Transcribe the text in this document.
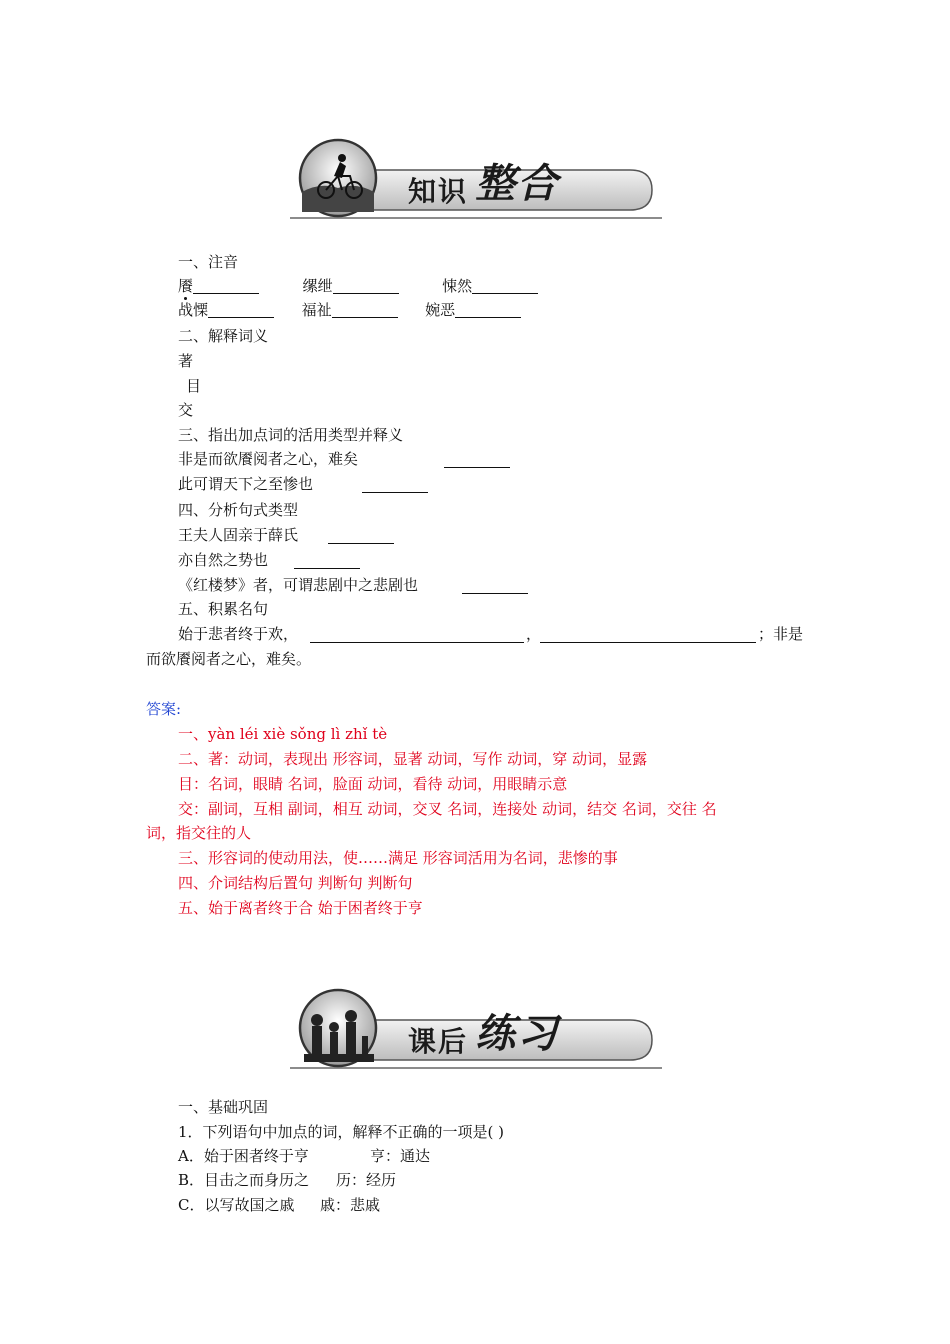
知识 整合
一、注音
餍	缧绁	悚然
战慄	福祉	婉恶
二、解释词义
著
目
交
三、指出加点词的活用类型并释义
非是而欲餍阅者之心，难矣
此可谓天下之至惨也
四、分析句式类型
王夫人固亲于薛氏
亦自然之势也
《红楼梦》者，可谓悲剧中之悲剧也
五、积累名句
始于悲者终于欢，	，	；非是
而欲餍阅者之心，难矣。
答案:
一、yàn léi xiè sǒng lì zhǐ tè
二、著：动词，表现出 形容词，显著 动词，写作 动词，穿 动词，显露
目：名词，眼睛 名词，脸面 动词，看待 动词，用眼睛示意
交：副词，互相 副词，相互 动词，交叉 名词，连接处 动词，结交 名词，交往 名
词，指交往的人
三、形容词的使动用法，使……满足 形容词活用为名词，悲惨的事
四、介词结构后置句 判断句 判断句
五、始于离者终于合 始于困者终于亨
课后 练习
一、基础巩固
1．下列语句中加点的词，解释不正确的一项是( )
A．始于困者终于亨	亨：通达
B．目击之而身历之 历：经历
C．以写故国之戚 戚：悲戚
